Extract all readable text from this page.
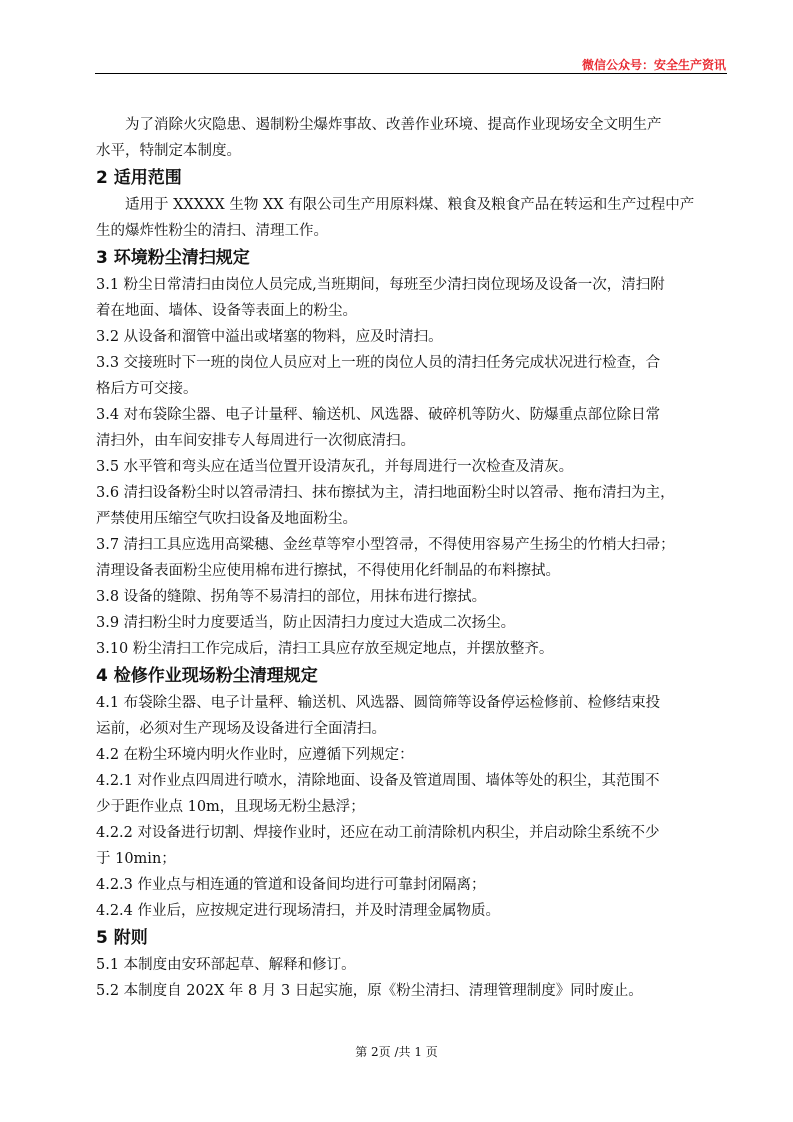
微信公众号：安全生产资讯
为了消除火灾隐患、遏制粉尘爆炸事故、改善作业环境、提高作业现场安全文明生产
水平，特制定本制度。
2 适用范围
适用于 XXXXX 生物 XX 有限公司生产用原料煤、粮食及粮食产品在转运和生产过程中产
生的爆炸性粉尘的清扫、清理工作。
3 环境粉尘清扫规定
3.1 粉尘日常清扫由岗位人员完成,当班期间，每班至少清扫岗位现场及设备一次，清扫附
着在地面、墙体、设备等表面上的粉尘。
3.2 从设备和溜管中溢出或堵塞的物料，应及时清扫。
3.3 交接班时下一班的岗位人员应对上一班的岗位人员的清扫任务完成状况进行检查，合
格后方可交接。
3.4 对布袋除尘器、电子计量秤、输送机、风选器、破碎机等防火、防爆重点部位除日常
清扫外，由车间安排专人每周进行一次彻底清扫。
3.5 水平管和弯头应在适当位置开设清灰孔，并每周进行一次检查及清灰。
3.6 清扫设备粉尘时以笤帚清扫、抹布擦拭为主，清扫地面粉尘时以笤帚、拖布清扫为主，
严禁使用压缩空气吹扫设备及地面粉尘。
3.7 清扫工具应选用高粱穗、金丝草等窄小型笤帚，不得使用容易产生扬尘的竹梢大扫帚；
清理设备表面粉尘应使用棉布进行擦拭，不得使用化纤制品的布料擦拭。
3.8 设备的缝隙、拐角等不易清扫的部位，用抹布进行擦拭。
3.9 清扫粉尘时力度要适当，防止因清扫力度过大造成二次扬尘。
3.10 粉尘清扫工作完成后，清扫工具应存放至规定地点，并摆放整齐。
4 检修作业现场粉尘清理规定
4.1 布袋除尘器、电子计量秤、输送机、风选器、圆筒筛等设备停运检修前、检修结束投
运前，必须对生产现场及设备进行全面清扫。
4.2 在粉尘环境内明火作业时，应遵循下列规定：
4.2.1 对作业点四周进行喷水，清除地面、设备及管道周围、墙体等处的积尘，其范围不
少于距作业点 10m，且现场无粉尘悬浮；
4.2.2 对设备进行切割、焊接作业时，还应在动工前清除机内积尘，并启动除尘系统不少
于 10min；
4.2.3 作业点与相连通的管道和设备间均进行可靠封闭隔离；
4.2.4 作业后，应按规定进行现场清扫，并及时清理金属物质。
5 附则
5.1 本制度由安环部起草、解释和修订。
5.2 本制度自 202X 年 8 月 3 日起实施，原《粉尘清扫、清理管理制度》同时废止。
第 2页 /共 1 页
